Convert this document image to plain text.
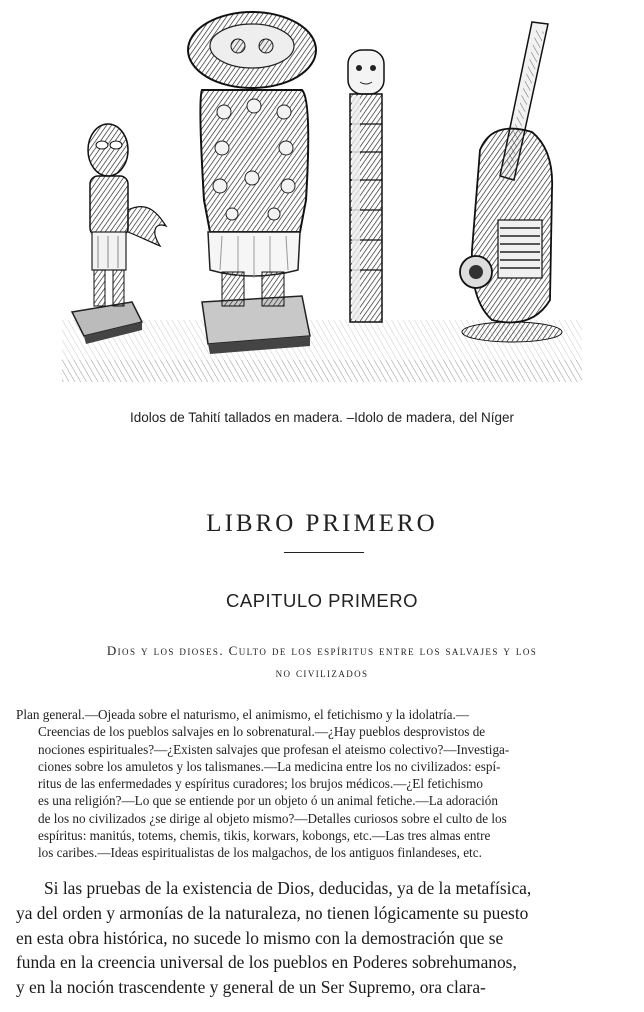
Idolos de Tahití tallados en madera. –Idolo de madera, del Níger
LIBRO PRIMERO
CAPITULO PRIMERO
Dios y los dioses. Culto de los espíritus entre los salvajes y los
no civilizados
Plan general.—Ojeada sobre el naturismo, el animismo, el fetichismo y la idolatría.—
Creencias de los pueblos salvajes en lo sobrenatural.—¿Hay pueblos desprovistos de
nociones espirituales?—¿Existen salvajes que profesan el ateismo colectivo?—Investiga-
ciones sobre los amuletos y los talismanes.—La medicina entre los no civilizados: espí-
ritus de las enfermedades y espíritus curadores; los brujos médicos.—¿El fetichismo
es una religión?—Lo que se entiende por un objeto ó un animal fetiche.—La adoración
de los no civilizados ¿se dirige al objeto mismo?—Detalles curiosos sobre el culto de los
espíritus: manitús, totems, chemis, tikis, korwars, kobongs, etc.—Las tres almas entre
los caribes.—Ideas espiritualistas de los malgachos, de los antiguos finlandeses, etc.
Si las pruebas de la existencia de Dios, deducidas, ya de la metafísica,
ya del orden y armonías de la naturaleza, no tienen lógicamente su puesto
en esta obra histórica, no sucede lo mismo con la demostración que se
funda en la creencia universal de los pueblos en Poderes sobrehumanos,
y en la noción trascendente y general de un Ser Supremo, ora clara-
